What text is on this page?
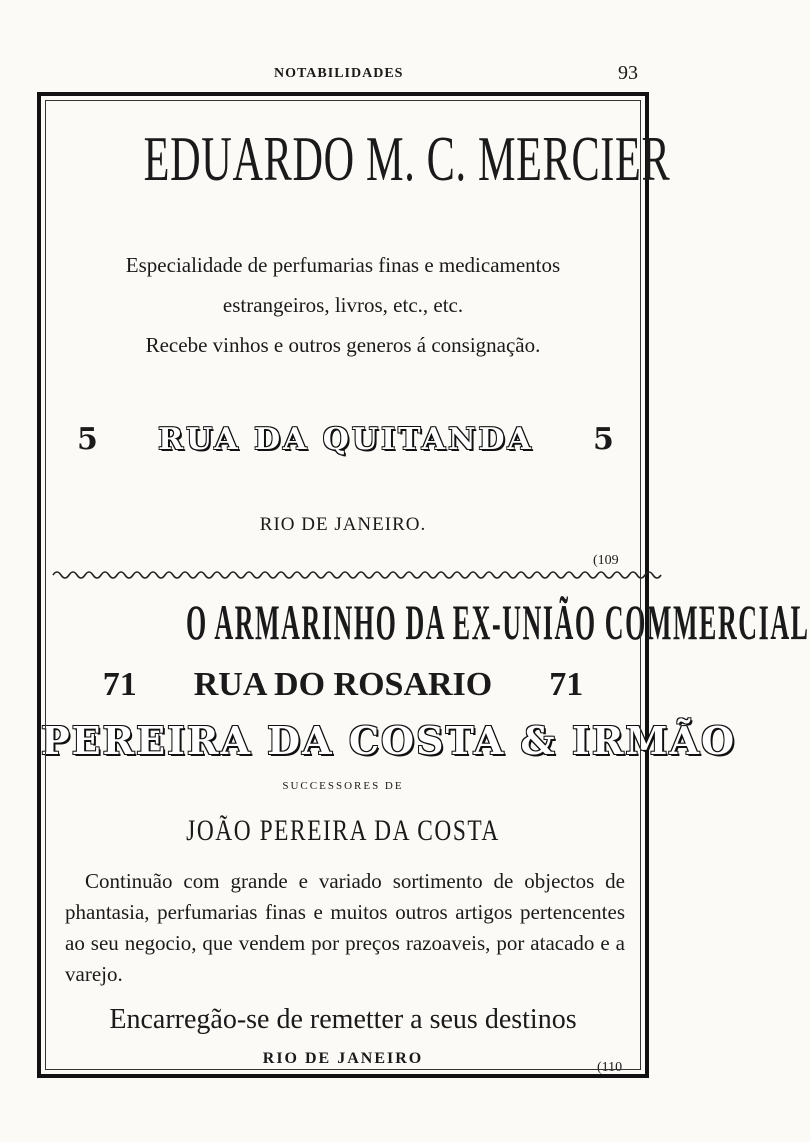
NOTABILIDADES	93
EDUARDO M. C. MERCIER
Especialidade de perfumarias finas e medicamentos
estrangeiros, livros, etc., etc.
Recebe vinhos e outros generos á consignação.
5	RUA DA QUITANDA	5
RIO DE JANEIRO.
(109
O ARMARINHO DA EX-UNIÃO COMMERCIAL
71 RUA DO ROSARIO 71
PEREIRA DA COSTA & IRMÃO
SUCCESSORES DE
JOÃO PEREIRA DA COSTA
Continuão com grande e variado sortimento de objectos de phantasia, perfumarias finas e muitos outros artigos pertencentes ao seu negocio, que vendem por preços razoaveis, por atacado e a varejo.
Encarregão-se de remetter a seus destinos
RIO DE JANEIRO
(110
